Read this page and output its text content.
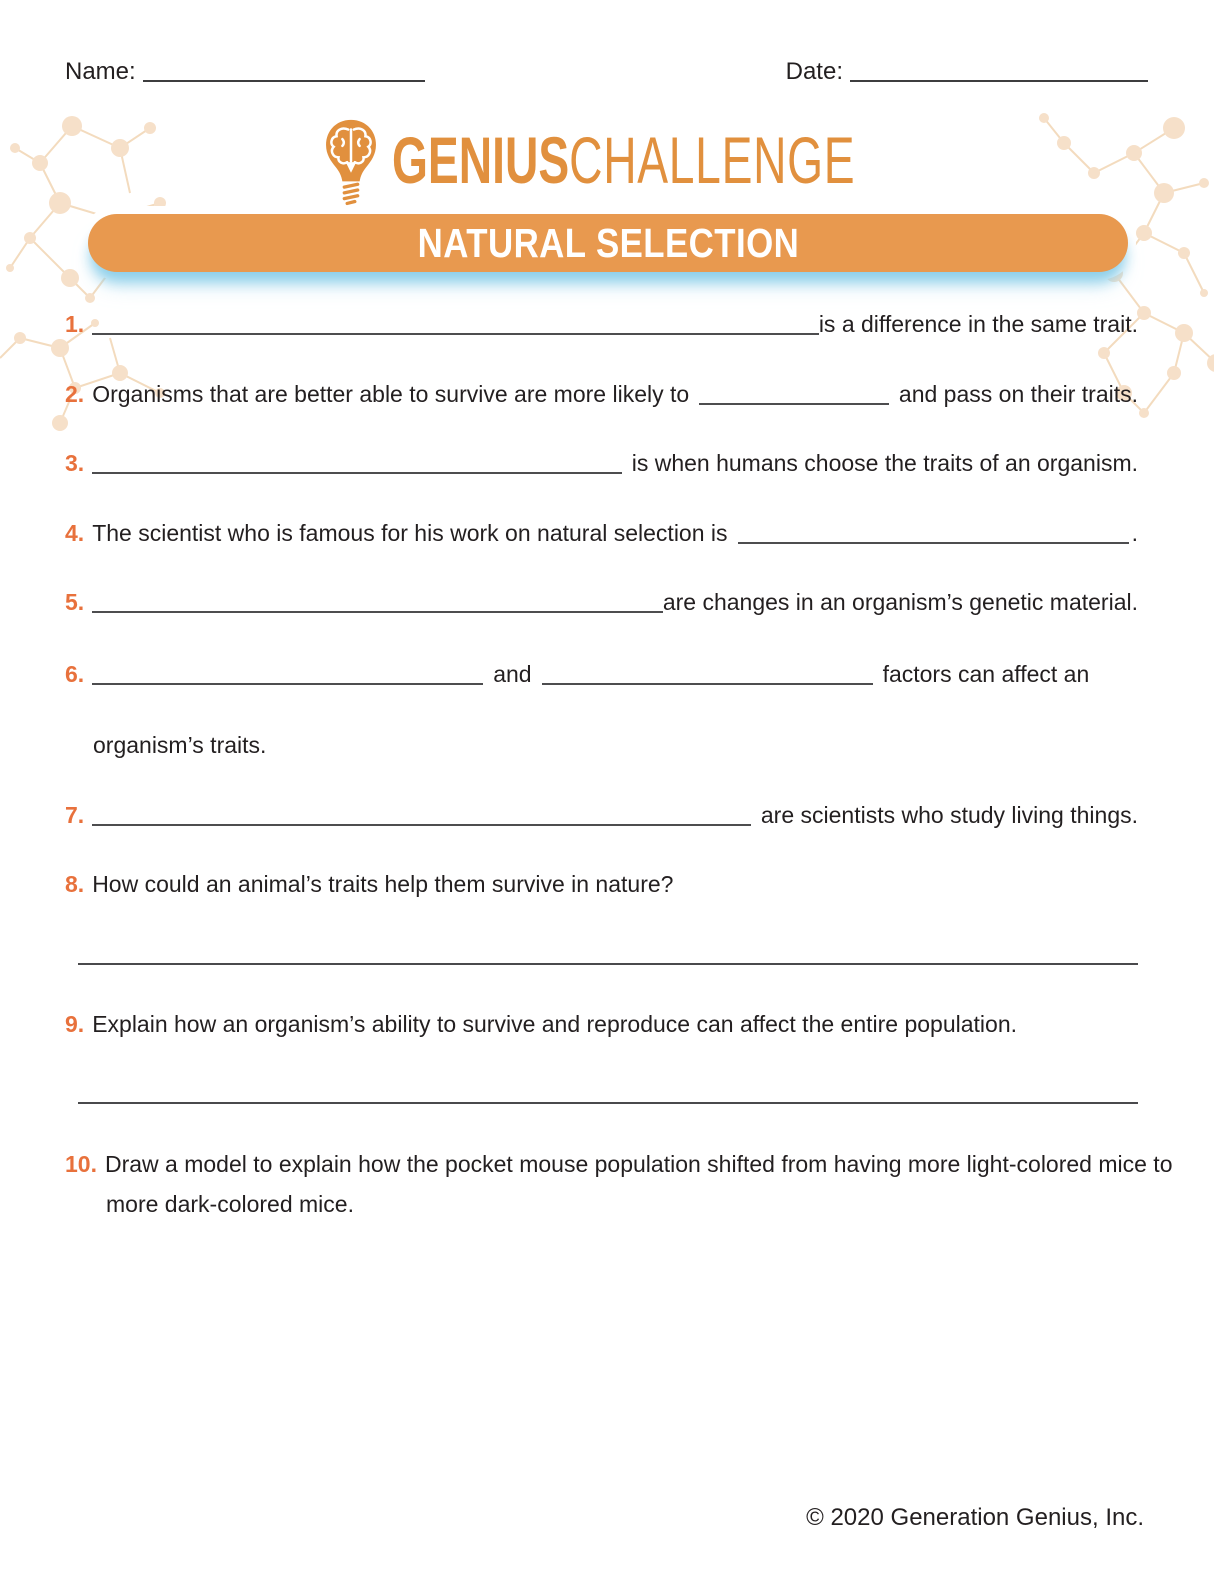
Name:	Date:
GENIUSCHALLENGE
NATURAL SELECTION
1.	is a difference in the same trait.
2. Organisms that are better able to survive are more likely to	and pass on their traits.
3.	is when humans choose the traits of an organism.
4. The scientist who is famous for his work on natural selection is	.
5.	are changes in an organism’s genetic material.
6.	and	factors can affect an
organism’s traits.
7.	are scientists who study living things.
8. How could an animal’s traits help them survive in nature?
9. Explain how an organism’s ability to survive and reproduce can affect the entire population.
10. Draw a model to explain how the pocket mouse population shifted from having more light-colored mice to
more dark-colored mice.
© 2020 Generation Genius, Inc.
